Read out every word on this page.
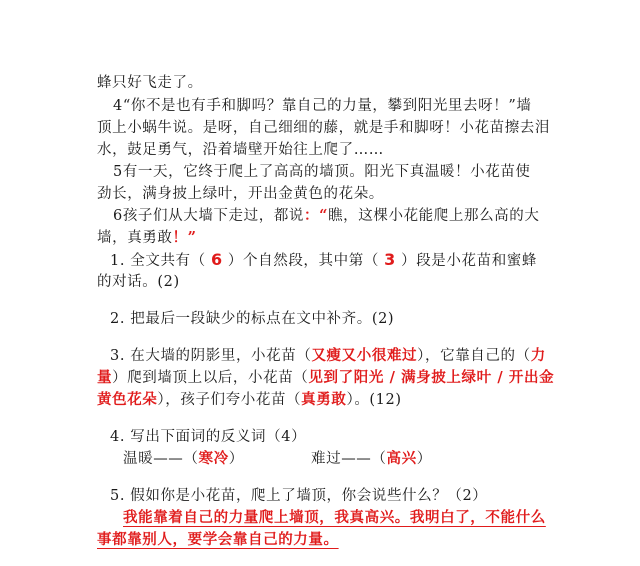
蜂只好飞走了。
4“你不是也有手和脚吗？靠自己的力量，攀到阳光里去呀！”墙
顶上小蜗牛说。是呀，自己细细的藤，就是手和脚呀！小花苗擦去泪
水，鼓足勇气，沿着墙壁开始往上爬了……
5有一天，它终于爬上了高高的墙顶。阳光下真温暖！小花苗使
劲长，满身披上绿叶，开出金黄色的花朵。
6孩子们从大墙下走过，都说：“瞧，这棵小花能爬上那么高的大
墙，真勇敢！”
1. 全文共有（ 6 ）个自然段，其中第（ 3 ）段是小花苗和蜜蜂
的对话。(2)
2. 把最后一段缺少的标点在文中补齐。(2)
3. 在大墙的阴影里，小花苗（又瘦又小很难过），它靠自己的（力
量）爬到墙顶上以后，小花苗（见到了阳光 / 满身披上绿叶 / 开出金
黄色花朵），孩子们夸小花苗（真勇敢）。(12)
4. 写出下面词的反义词（4）
温暖——（寒冷）	难过——（高兴）
5. 假如你是小花苗，爬上了墙顶，你会说些什么？（2）
我能靠着自己的力量爬上墙顶，我真高兴。我明白了，不能什么
事都靠别人，要学会靠自己的力量。
